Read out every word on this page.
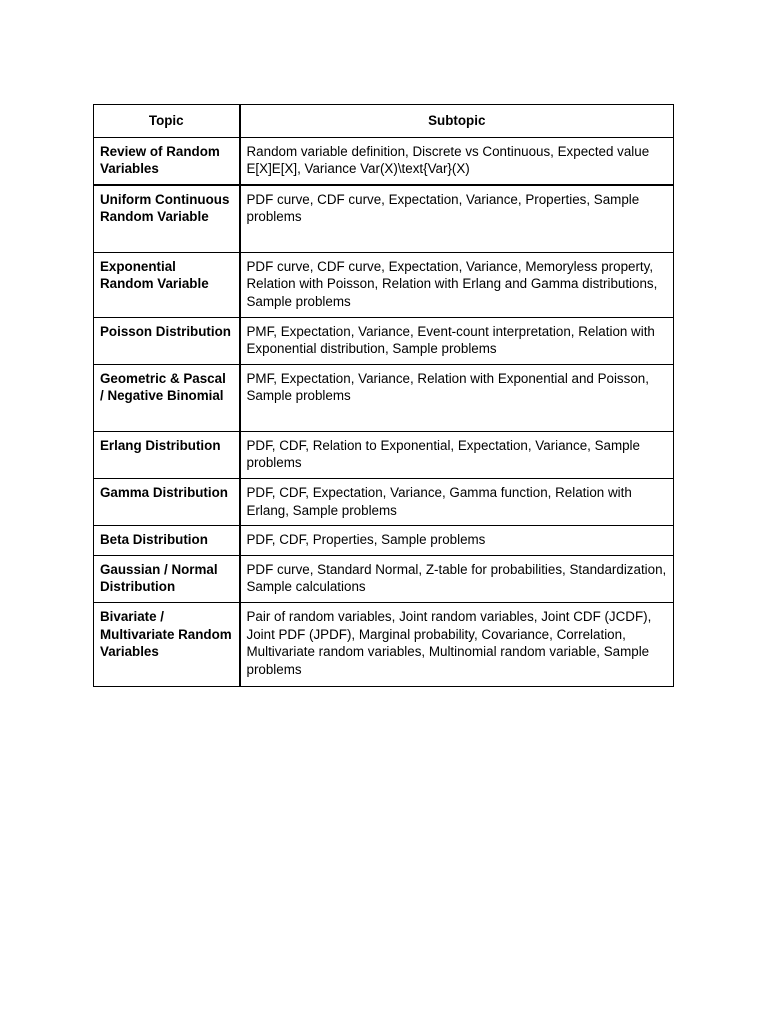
Topic	Subtopic
Review of Random Variables	Random variable definition, Discrete vs Continuous, Expected value E[X]E[X], Variance Var(X)\text{Var}(X)
Uniform Continuous Random Variable	PDF curve, CDF curve, Expectation, Variance, Properties, Sample problems
Exponential Random Variable	PDF curve, CDF curve, Expectation, Variance, Memoryless property, Relation with Poisson, Relation with Erlang and Gamma distributions, Sample problems
Poisson Distribution	PMF, Expectation, Variance, Event-count interpretation, Relation with Exponential distribution, Sample problems
Geometric & Pascal / Negative Binomial	PMF, Expectation, Variance, Relation with Exponential and Poisson, Sample problems
Erlang Distribution	PDF, CDF, Relation to Exponential, Expectation, Variance, Sample problems
Gamma Distribution	PDF, CDF, Expectation, Variance, Gamma function, Relation with Erlang, Sample problems
Beta Distribution	PDF, CDF, Properties, Sample problems
Gaussian / Normal Distribution	PDF curve, Standard Normal, Z-table for probabilities, Standardization, Sample calculations
Bivariate / Multivariate Random Variables	Pair of random variables, Joint random variables, Joint CDF (JCDF), Joint PDF (JPDF), Marginal probability, Covariance, Correlation, Multivariate random variables, Multinomial random variable, Sample problems
